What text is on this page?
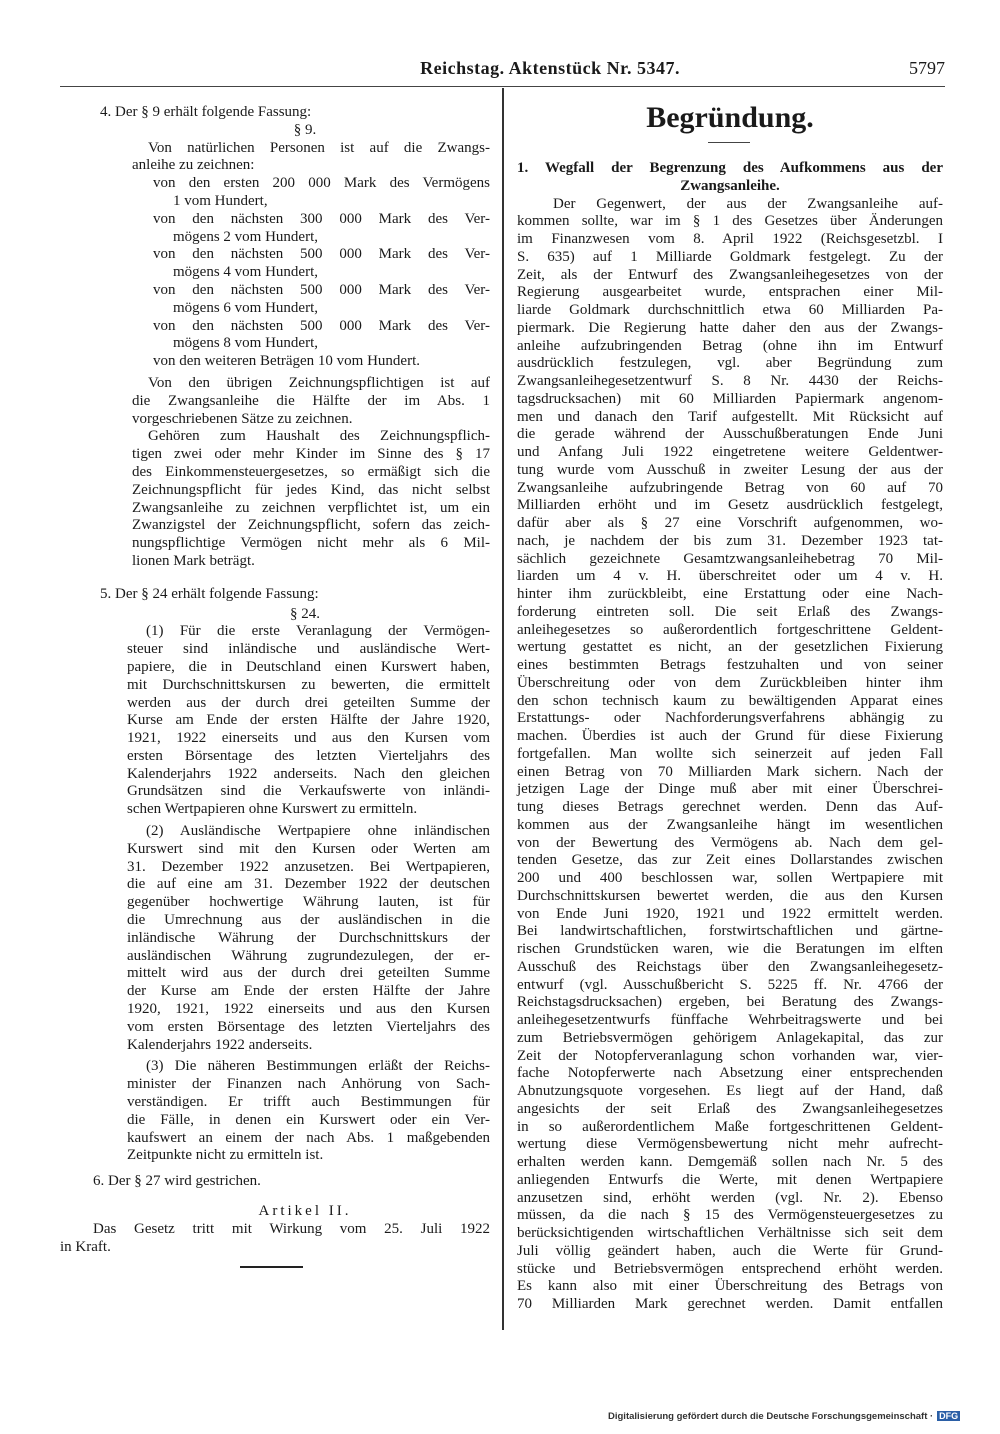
Reichstag. Aktenstück Nr. 5347.	5797
4. Der § 9 erhält folgende Fassung:
§ 9.
Von natürlichen Personen ist auf die Zwangs-
anleihe zu zeichnen:
von den ersten 200 000 Mark des Vermögens
1 vom Hundert,
von den nächsten 300 000 Mark des Ver-
mögens 2 vom Hundert,
von den nächsten 500 000 Mark des Ver-
mögens 4 vom Hundert,
von den nächsten 500 000 Mark des Ver-
mögens 6 vom Hundert,
von den nächsten 500 000 Mark des Ver-
mögens 8 vom Hundert,
von den weiteren Beträgen 10 vom Hundert.
Von den übrigen Zeichnungspflichtigen ist auf
die Zwangsanleihe die Hälfte der im Abs. 1
vorgeschriebenen Sätze zu zeichnen.
Gehören zum Haushalt des Zeichnungspflich-
tigen zwei oder mehr Kinder im Sinne des § 17
des Einkommensteuergesetzes, so ermäßigt sich die
Zeichnungspflicht für jedes Kind, das nicht selbst
Zwangsanleihe zu zeichnen verpflichtet ist, um ein
Zwanzigstel der Zeichnungspflicht, sofern das zeich-
nungspflichtige Vermögen nicht mehr als 6 Mil-
lionen Mark beträgt.
5. Der § 24 erhält folgende Fassung:
§ 24.
(1) Für die erste Veranlagung der Vermögen-
steuer sind inländische und ausländische Wert-
papiere, die in Deutschland einen Kurswert haben,
mit Durchschnittskursen zu bewerten, die ermittelt
werden aus der durch drei geteilten Summe der
Kurse am Ende der ersten Hälfte der Jahre 1920,
1921, 1922 einerseits und aus den Kursen vom
ersten Börsentage des letzten Vierteljahrs des
Kalenderjahrs 1922 anderseits. Nach den gleichen
Grundsätzen sind die Verkaufswerte von inländi-
schen Wertpapieren ohne Kurswert zu ermitteln.
(2) Ausländische Wertpapiere ohne inländischen
Kurswert sind mit den Kursen oder Werten am
31. Dezember 1922 anzusetzen. Bei Wertpapieren,
die auf eine am 31. Dezember 1922 der deutschen
gegenüber hochwertige Währung lauten, ist für
die Umrechnung aus der ausländischen in die
inländische Währung der Durchschnittskurs der
ausländischen Währung zugrundezulegen, der er-
mittelt wird aus der durch drei geteilten Summe
der Kurse am Ende der ersten Hälfte der Jahre
1920, 1921, 1922 einerseits und aus den Kursen
vom ersten Börsentage des letzten Vierteljahrs des
Kalenderjahrs 1922 anderseits.
(3) Die näheren Bestimmungen erläßt der Reichs-
minister der Finanzen nach Anhörung von Sach-
verständigen. Er trifft auch Bestimmungen für
die Fälle, in denen ein Kurswert oder ein Ver-
kaufswert an einem der nach Abs. 1 maßgebenden
Zeitpunkte nicht zu ermitteln ist.
6. Der § 27 wird gestrichen.
Artikel II.
Das Gesetz tritt mit Wirkung vom 25. Juli 1922
in Kraft.
Begründung.
1. Wegfall der Begrenzung des Aufkommens aus der
Zwangsanleihe.
Der Gegenwert, der aus der Zwangsanleihe auf-
kommen sollte, war im § 1 des Gesetzes über Änderungen
im Finanzwesen vom 8. April 1922 (Reichsgesetzbl. I
S. 635) auf 1 Milliarde Goldmark festgelegt. Zu der
Zeit, als der Entwurf des Zwangsanleihegesetzes von der
Regierung ausgearbeitet wurde, entsprachen einer Mil-
liarde Goldmark durchschnittlich etwa 60 Milliarden Pa-
piermark. Die Regierung hatte daher den aus der Zwangs-
anleihe aufzubringenden Betrag (ohne ihn im Entwurf
ausdrücklich festzulegen, vgl. aber Begründung zum
Zwangsanleihegesetzentwurf S. 8 Nr. 4430 der Reichs-
tagsdrucksachen) mit 60 Milliarden Papiermark angenom-
men und danach den Tarif aufgestellt. Mit Rücksicht auf
die gerade während der Ausschußberatungen Ende Juni
und Anfang Juli 1922 eingetretene weitere Geldentwer-
tung wurde vom Ausschuß in zweiter Lesung der aus der
Zwangsanleihe aufzubringende Betrag von 60 auf 70
Milliarden erhöht und im Gesetz ausdrücklich festgelegt,
dafür aber als § 27 eine Vorschrift aufgenommen, wo-
nach, je nachdem der bis zum 31. Dezember 1923 tat-
sächlich gezeichnete Gesamtzwangsanleihebetrag 70 Mil-
liarden um 4 v. H. überschreitet oder um 4 v. H.
hinter ihm zurückbleibt, eine Erstattung oder eine Nach-
forderung eintreten soll. Die seit Erlaß des Zwangs-
anleihegesetzes so außerordentlich fortgeschrittene Geldent-
wertung gestattet es nicht, an der gesetzlichen Fixierung
eines bestimmten Betrags festzuhalten und von seiner
Überschreitung oder von dem Zurückbleiben hinter ihm
den schon technisch kaum zu bewältigenden Apparat eines
Erstattungs- oder Nachforderungsverfahrens abhängig zu
machen. Überdies ist auch der Grund für diese Fixierung
fortgefallen. Man wollte sich seinerzeit auf jeden Fall
einen Betrag von 70 Milliarden Mark sichern. Nach der
jetzigen Lage der Dinge muß aber mit einer Überschrei-
tung dieses Betrags gerechnet werden. Denn das Auf-
kommen aus der Zwangsanleihe hängt im wesentlichen
von der Bewertung des Vermögens ab. Nach dem gel-
tenden Gesetze, das zur Zeit eines Dollarstandes zwischen
200 und 400 beschlossen war, sollen Wertpapiere mit
Durchschnittskursen bewertet werden, die aus den Kursen
von Ende Juni 1920, 1921 und 1922 ermittelt werden.
Bei landwirtschaftlichen, forstwirtschaftlichen und gärtne-
rischen Grundstücken waren, wie die Beratungen im elften
Ausschuß des Reichstags über den Zwangsanleihegesetz-
entwurf (vgl. Ausschußbericht S. 5225 ff. Nr. 4766 der
Reichstagsdrucksachen) ergeben, bei Beratung des Zwangs-
anleihegesetzentwurfs fünffache Wehrbeitragswerte und bei
zum Betriebsvermögen gehörigem Anlagekapital, das zur
Zeit der Notopferveranlagung schon vorhanden war, vier-
fache Notopferwerte nach Absetzung einer entsprechenden
Abnutzungsquote vorgesehen. Es liegt auf der Hand, daß
angesichts der seit Erlaß des Zwangsanleihegesetzes
in so außerordentlichem Maße fortgeschrittenen Geldent-
wertung diese Vermögensbewertung nicht mehr aufrecht-
erhalten werden kann. Demgemäß sollen nach Nr. 5 des
anliegenden Entwurfs die Werte, mit denen Wertpapiere
anzusetzen sind, erhöht werden (vgl. Nr. 2). Ebenso
müssen, da die nach § 15 des Vermögensteuergesetzes zu
berücksichtigenden wirtschaftlichen Verhältnisse sich seit dem
Juli völlig geändert haben, auch die Werte für Grund-
stücke und Betriebsvermögen entsprechend erhöht werden.
Es kann also mit einer Überschreitung des Betrags von
70 Milliarden Mark gerechnet werden. Damit entfallen
Digitalisierung gefördert durch die Deutsche Forschungsgemeinschaft · DFG
